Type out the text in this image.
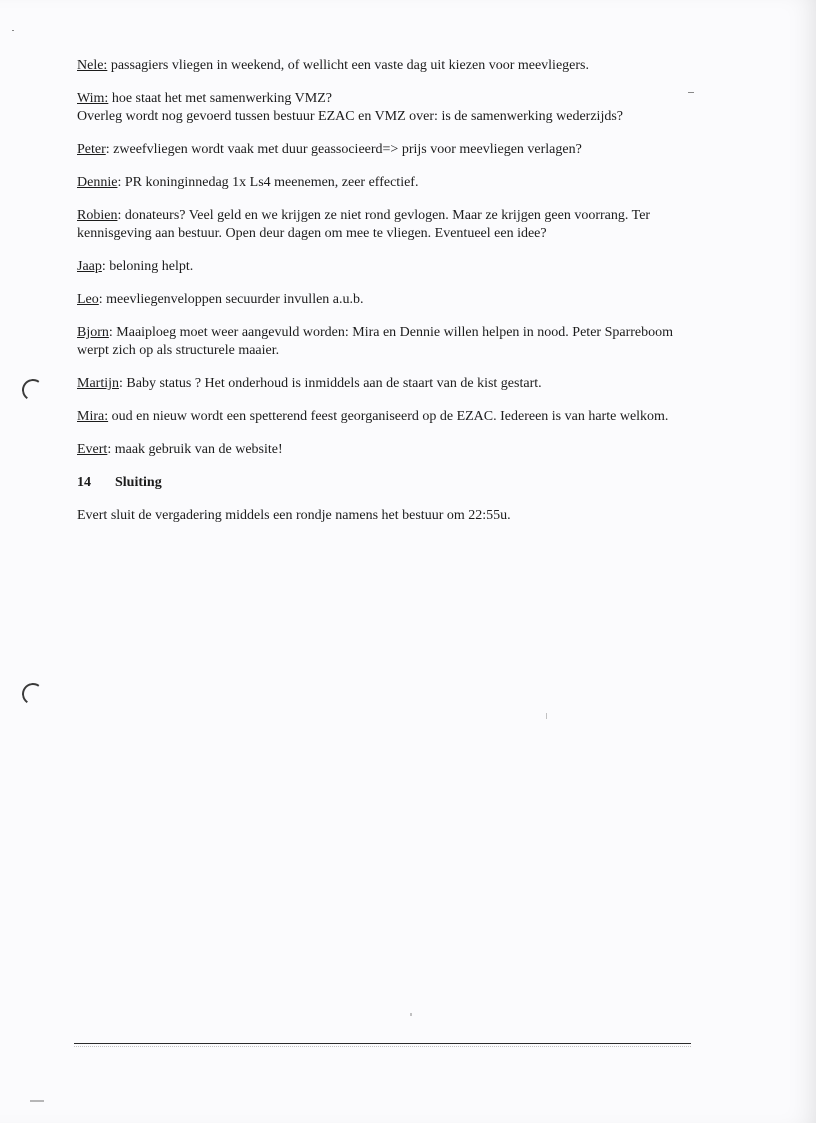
Nele: passagiers vliegen in weekend, of wellicht een vaste dag uit kiezen voor meevliegers.

Wim: hoe staat het met samenwerking VMZ?
Overleg wordt nog gevoerd tussen bestuur EZAC en VMZ over: is de samenwerking wederzijds?

Peter: zweefvliegen wordt vaak met duur geassocieerd=> prijs voor meevliegen verlagen?

Dennie: PR koninginnedag 1x Ls4 meenemen, zeer effectief.

Robien: donateurs? Veel geld en we krijgen ze niet rond gevlogen. Maar ze krijgen geen voorrang. Ter kennisgeving aan bestuur. Open deur dagen om mee te vliegen. Eventueel een idee?

Jaap: beloning helpt.

Leo: meevliegenveloppen secuurder invullen a.u.b.

Bjorn: Maaiploeg moet weer aangevuld worden: Mira en Dennie willen helpen in nood. Peter Sparreboom werpt zich op als structurele maaier.

Martijn: Baby status ? Het onderhoud is inmiddels aan de staart van de kist gestart.

Mira: oud en nieuw wordt een spetterend feest georganiseerd op de EZAC. Iedereen is van harte welkom.

Evert: maak gebruik van de website!

14 Sluiting

Evert sluit de vergadering middels een rondje namens het bestuur om 22:55u.
